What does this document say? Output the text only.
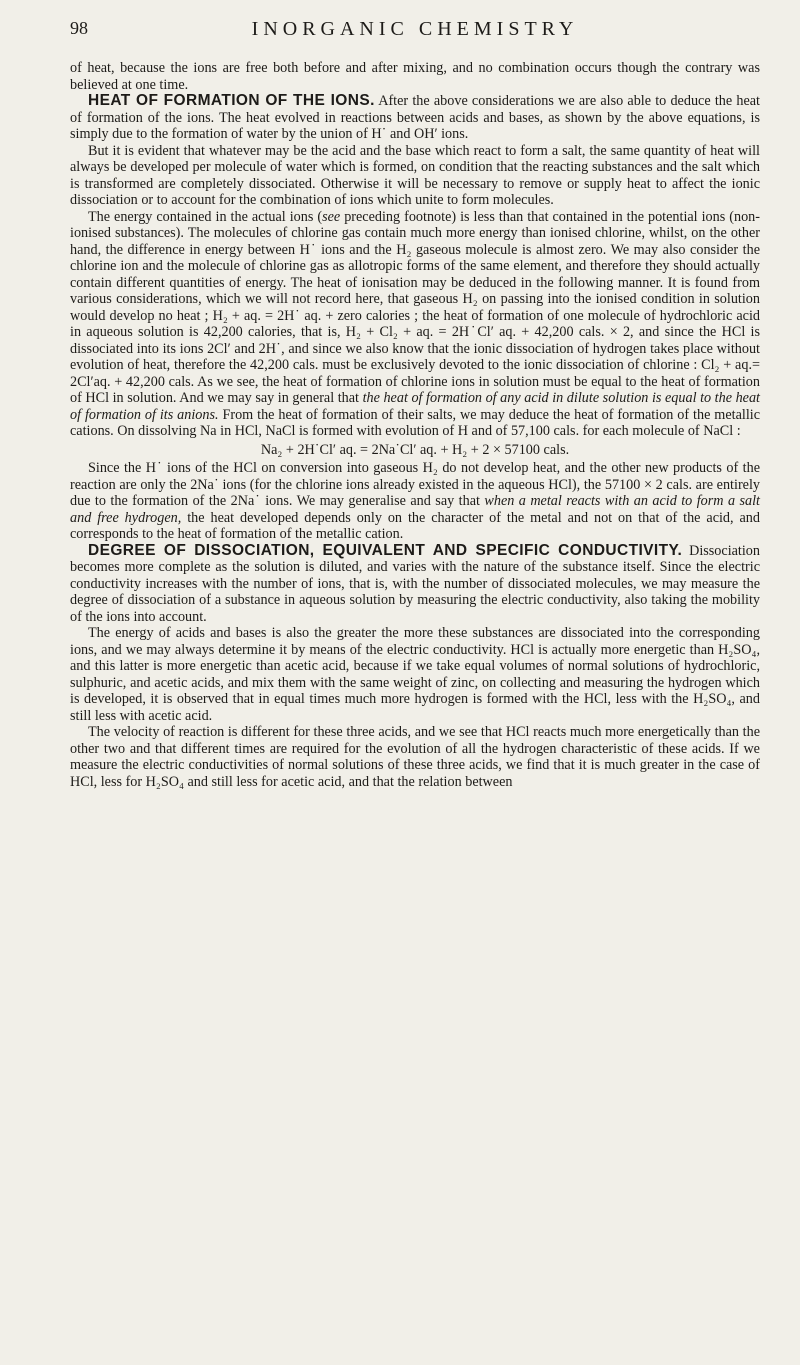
98	INORGANIC CHEMISTRY

of heat, because the ions are free both before and after mixing, and no combination occurs though the contrary was believed at one time.

HEAT OF FORMATION OF THE IONS. After the above considerations we are also able to deduce the heat of formation of the ions. The heat evolved in reactions between acids and bases, as shown by the above equations, is simply due to the formation of water by the union of H˙ and OH′ ions.

But it is evident that whatever may be the acid and the base which react to form a salt, the same quantity of heat will always be developed per molecule of water which is formed, on condition that the reacting substances and the salt which is transformed are completely dissociated. Otherwise it will be necessary to remove or supply heat to affect the ionic dissociation or to account for the combination of ions which unite to form molecules.

The energy contained in the actual ions (see preceding footnote) is less than that contained in the potential ions (non-ionised substances). The molecules of chlorine gas contain much more energy than ionised chlorine, whilst, on the other hand, the difference in energy between H˙ ions and the H₂ gaseous molecule is almost zero. We may also consider the chlorine ion and the molecule of chlorine gas as allotropic forms of the same element, and therefore they should actually contain different quantities of energy. The heat of ionisation may be deduced in the following manner. It is found from various considerations, which we will not record here, that gaseous H₂ on passing into the ionised condition in solution would develop no heat ; H₂ + aq. = 2H˙ aq. + zero calories ; the heat of formation of one molecule of hydrochloric acid in aqueous solution is 42,200 calories, that is, H₂ + Cl₂ + aq. = 2H˙Cl′ aq. + 42,200 cals. × 2, and since the HCl is dissociated into its ions 2Cl′ and 2H˙, and since we also know that the ionic dissociation of hydrogen takes place without evolution of heat, therefore the 42,200 cals. must be exclusively devoted to the ionic dissociation of chlorine : Cl₂ + aq.= 2Cl′aq. + 42,200 cals. As we see, the heat of formation of chlorine ions in solution must be equal to the heat of formation of HCl in solution. And we may say in general that the heat of formation of any acid in dilute solution is equal to the heat of formation of its anions. From the heat of formation of their salts, we may deduce the heat of formation of the metallic cations. On dissolving Na in HCl, NaCl is formed with evolution of H and of 57,100 cals. for each molecule of NaCl :

Na₂ + 2H˙Cl′ aq. = 2Na˙Cl′ aq. + H₂ + 2 × 57100 cals.

Since the H˙ ions of the HCl on conversion into gaseous H₂ do not develop heat, and the other new products of the reaction are only the 2Na˙ ions (for the chlorine ions already existed in the aqueous HCl), the 57100 × 2 cals. are entirely due to the formation of the 2Na˙ ions. We may generalise and say that when a metal reacts with an acid to form a salt and free hydrogen, the heat developed depends only on the character of the metal and not on that of the acid, and corresponds to the heat of formation of the metallic cation.

DEGREE OF DISSOCIATION, EQUIVALENT AND SPECIFIC CONDUCTIVITY. Dissociation becomes more complete as the solution is diluted, and varies with the nature of the substance itself. Since the electric conductivity increases with the number of ions, that is, with the number of dissociated molecules, we may measure the degree of dissociation of a substance in aqueous solution by measuring the electric conductivity, also taking the mobility of the ions into account.

The energy of acids and bases is also the greater the more these substances are dissociated into the corresponding ions, and we may always determine it by means of the electric conductivity. HCl is actually more energetic than H₂SO₄, and this latter is more energetic than acetic acid, because if we take equal volumes of normal solutions of hydrochloric, sulphuric, and acetic acids, and mix them with the same weight of zinc, on collecting and measuring the hydrogen which is developed, it is observed that in equal times much more hydrogen is formed with the HCl, less with the H₂SO₄, and still less with acetic acid.

The velocity of reaction is different for these three acids, and we see that HCl reacts much more energetically than the other two and that different times are required for the evolution of all the hydrogen characteristic of these acids. If we measure the electric conductivities of normal solutions of these three acids, we find that it is much greater in the case of HCl, less for H₂SO₄ and still less for acetic acid, and that the relation between
